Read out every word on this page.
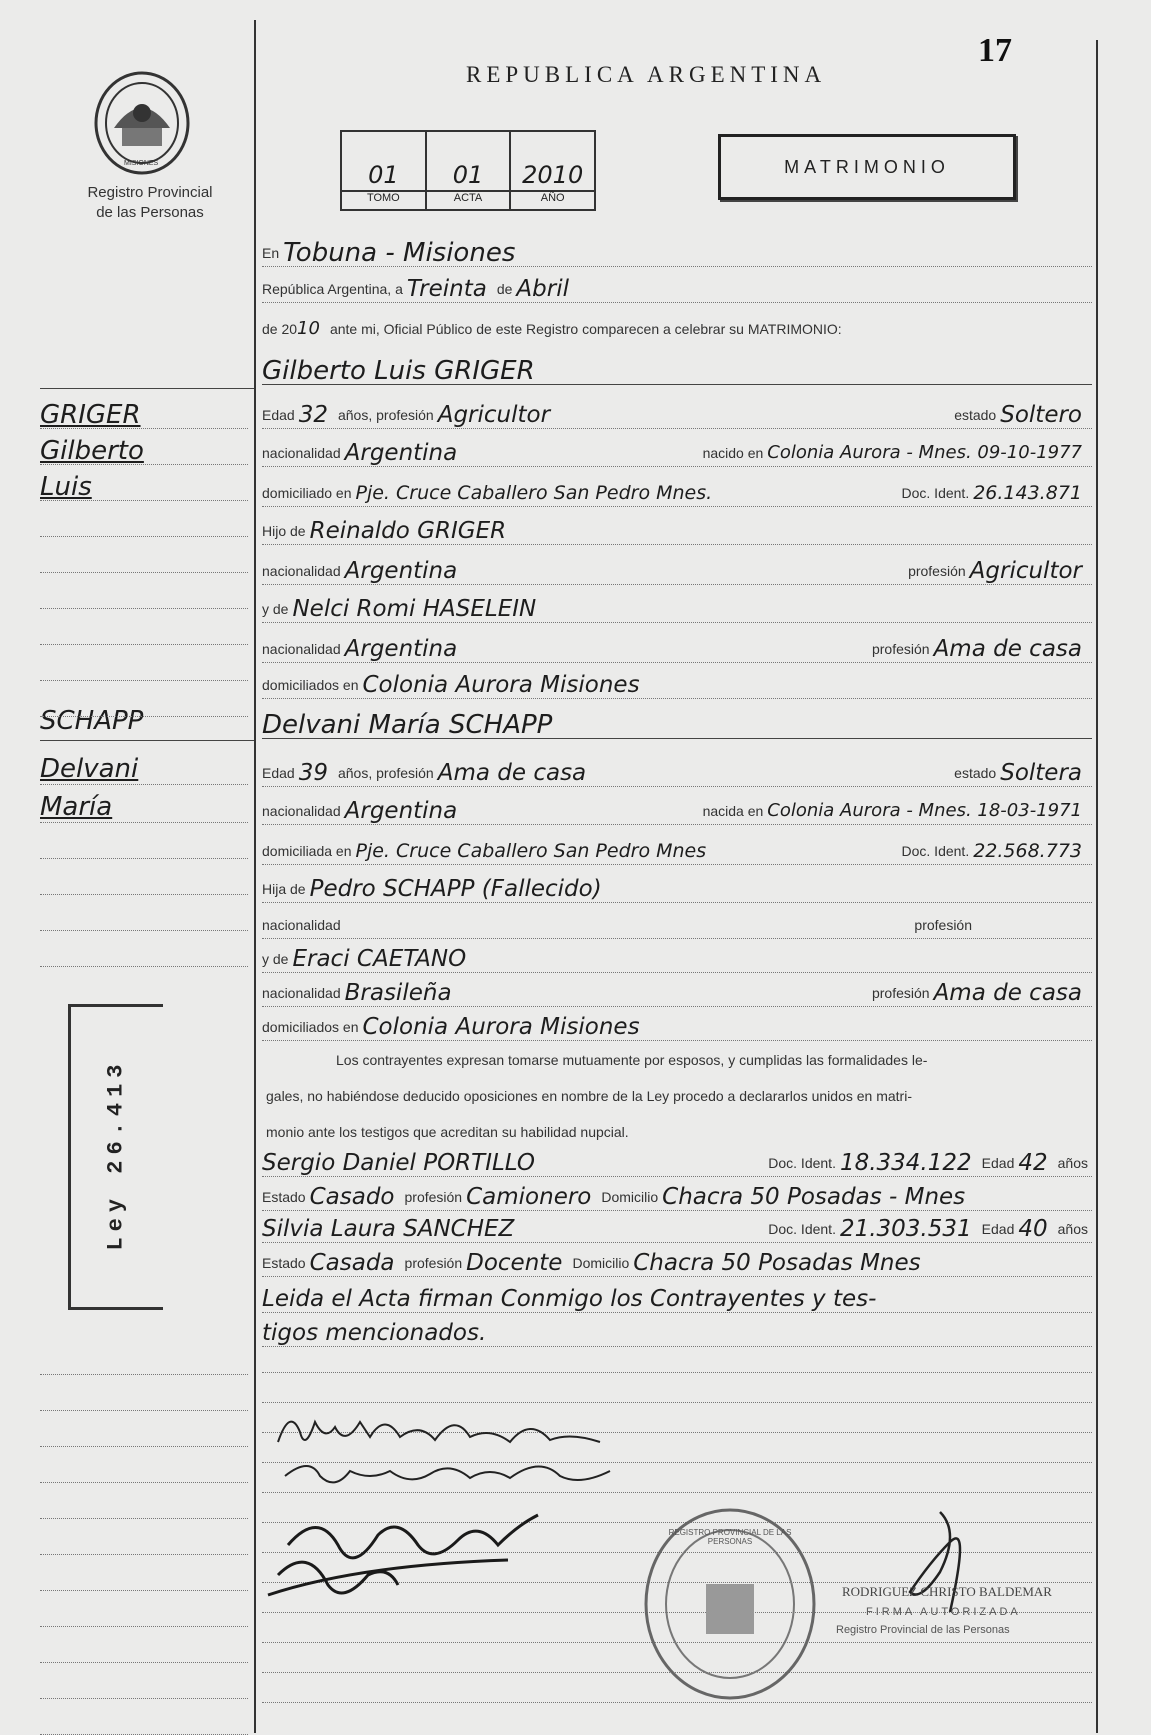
MISIONES
Registro Provincial
de las Personas
REPUBLICA ARGENTINA
17
01
TOMO
01
ACTA
2010
AÑO
MATRIMONIO
En Tobuna - Misiones
República Argentina, a Treinta de Abril
de 20 10 ante mi, Oficial Público de este Registro comparecen a celebrar su MATRIMONIO:
Gilberto Luis GRIGER
GRIGER
Gilberto
Luis
Edad 32 años, profesión Agricultor	estado Soltero
nacionalidad Argentina	nacido en Colonia Aurora - Mnes. 09-10-1977
domiciliado en Pje. Cruce Caballero San Pedro Mnes.	Doc. Ident. 26.143.871
Hijo de Reinaldo GRIGER
nacionalidad Argentina	profesión Agricultor
y de Nelci Romi HASELEIN
nacionalidad Argentina	profesión Ama de casa
domiciliados en Colonia Aurora Misiones
Delvani María SCHAPP
SCHAPP
Delvani
María
Edad 39 años, profesión Ama de casa	estado Soltera
nacionalidad Argentina	nacida en Colonia Aurora - Mnes. 18-03-1971
domiciliada en Pje. Cruce Caballero San Pedro Mnes	Doc. Ident. 22.568.773
Hija de Pedro SCHAPP (Fallecido)
nacionalidad	profesión
y de Eraci CAETANO
nacionalidad Brasileña	profesión Ama de casa
domiciliados en Colonia Aurora Misiones
Los contrayentes expresan tomarse mutuamente por esposos, y cumplidas las formalidades le-
gales, no habiéndose deducido oposiciones en nombre de la Ley procedo a declararlos unidos en matri-
monio ante los testigos que acreditan su habilidad nupcial.
Sergio Daniel PORTILLO	Doc. Ident. 18.334.122 Edad 42 años
Estado Casado profesión Camionero Domicilio Chacra 50 Posadas - Mnes
Silvia Laura SANCHEZ	Doc. Ident. 21.303.531 Edad 40 años
Estado Casada profesión Docente Domicilio Chacra 50 Posadas Mnes
Leida el Acta firman Conmigo los Contrayentes y tes-
tigos mencionados.
Ley 26.413
REGISTRO PROVINCIAL DE LAS PERSONAS
RODRIGUEZ CHRISTO BALDEMAR
FIRMA AUTORIZADA
Registro Provincial de las Personas
